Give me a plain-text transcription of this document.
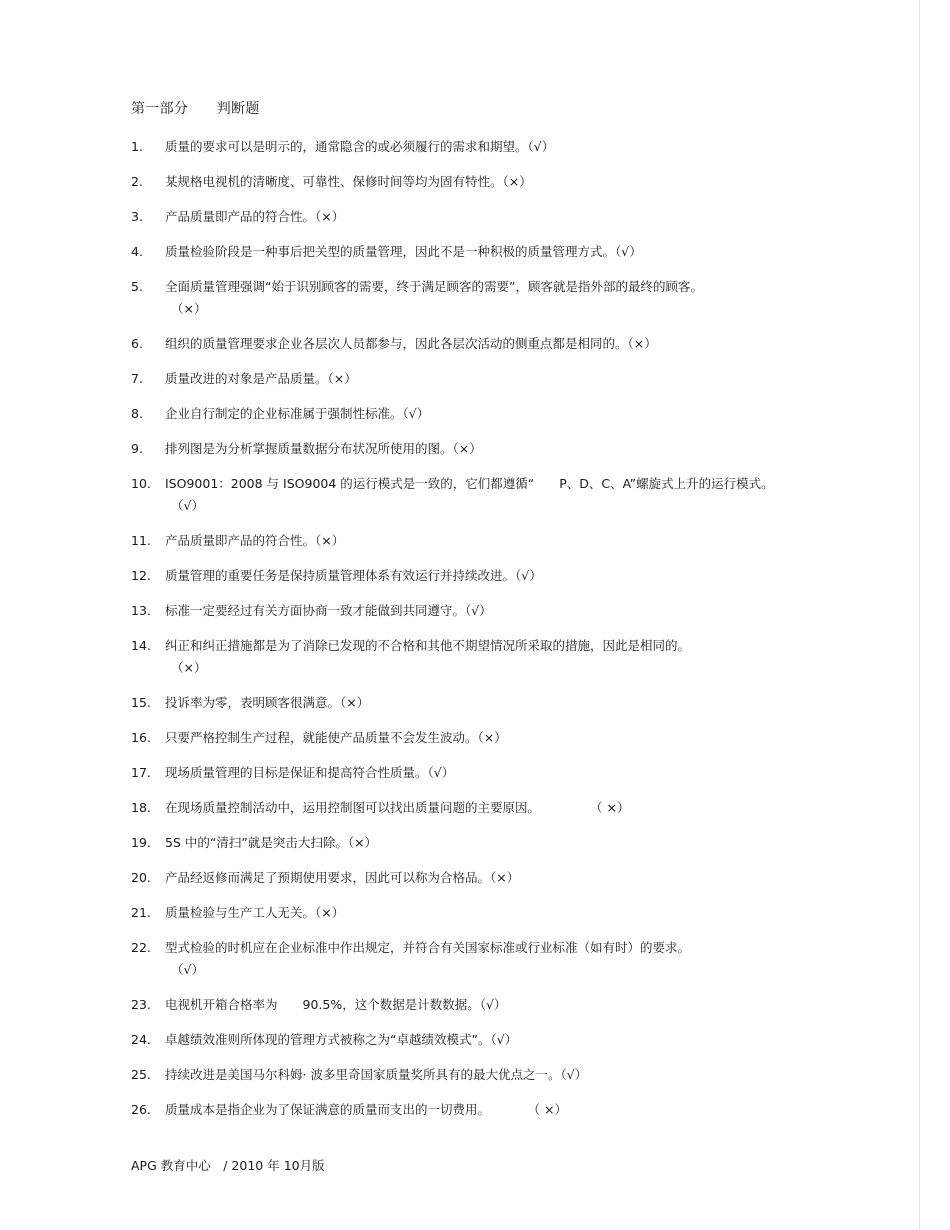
第一部分　　判断题
1.	质量的要求可以是明示的，通常隐含的或必须履行的需求和期望。（√）
2.	某规格电视机的清晰度、可靠性、保修时间等均为固有特性。（×）
3.	产品质量即产品的符合性。（×）
4.	质量检验阶段是一种事后把关型的质量管理，因此不是一种积极的质量管理方式。（√）
5.	全面质量管理强调“始于识别顾客的需要，终于满足顾客的需要”，顾客就是指外部的最终的顾客。
（×）
6.	组织的质量管理要求企业各层次人员都参与，因此各层次活动的侧重点都是相同的。（×）
7.	质量改进的对象是产品质量。（×）
8.	企业自行制定的企业标准属于强制性标准。（√）
9.	排列图是为分析掌握质量数据分布状况所使用的图。（×）
10.	ISO9001：2008 与 ISO9004 的运行模式是一致的，它们都遵循“　　P、D、C、A”螺旋式上升的运行模式。
（√）
11.	产品质量即产品的符合性。（×）
12.	质量管理的重要任务是保持质量管理体系有效运行并持续改进。（√）
13.	标准一定要经过有关方面协商一致才能做到共同遵守。（√）
14.	纠正和纠正措施都是为了消除已发现的不合格和其他不期望情况所采取的措施，因此是相同的。
（×）
15.	投诉率为零，表明顾客很满意。（×）
16.	只要严格控制生产过程，就能使产品质量不会发生波动。（×）
17.	现场质量管理的目标是保证和提高符合性质量。（√）
18.	在现场质量控制活动中，运用控制图可以找出质量问题的主要原因。　　　　　（ ×）
19.	5S 中的“清扫”就是突击大扫除。（×）
20.	产品经返修而满足了预期使用要求，因此可以称为合格品。（×）
21.	质量检验与生产工人无关。（×）
22.	型式检验的时机应在企业标准中作出规定，并符合有关国家标准或行业标准（如有时）的要求。
（√）
23.	电视机开箱合格率为　　90.5%，这个数据是计数数据。（√）
24.	卓越绩效准则所体现的管理方式被称之为“卓越绩效模式”。（√）
25.	持续改进是美国马尔科姆· 波多里奇国家质量奖所具有的最大优点之一。（√）
26.	质量成本是指企业为了保证满意的质量而支出的一切费用。　　　　（ ×）
APG 教育中心　/ 2010 年 10月版
